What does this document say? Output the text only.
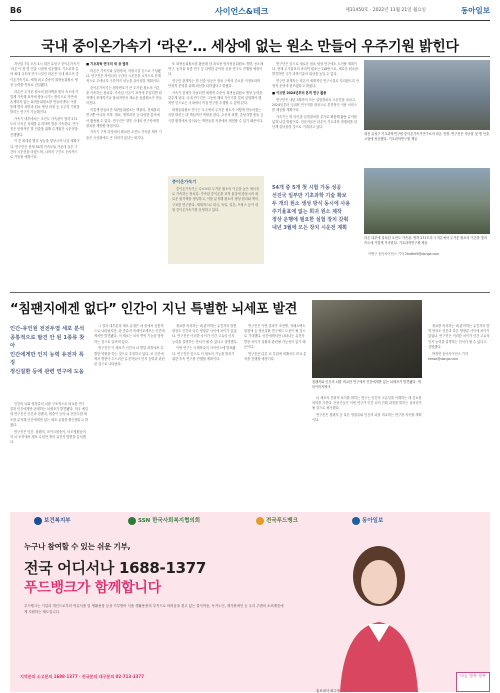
B6	사이언스&테크	제31450호 · 2022년 11월 21일 월요일	동아일보
국내 중이온가속기 ‘라온’… 세상에 없는 원소 만들어 우주기원 밝힌다

지난달 7일 오후 4시 대전 유성구 중이온가속기 ‘라온’이 첫 빔 인출 시험에 성공했다. 기초과학 분야 최대 규모의 연구시설인 라온은 국내 최초의 중이온가속기로, 세계 최고 수준의 희귀동위원소 생성 능력을 목표로 건설됐다.

라온은 무거운 원소의 원자핵을 빛의 속도에 가깝게 가속해 표적에 충돌시키는 방식으로 자연에 존재하지 않는 희귀동위원소를 만들어낸다. 이를 통해 별의 폭발과 원소 생성 과정 등 우주의 기원을 밝히는 연구가 가능해진다.

가속기 내부에서는 초전도 가속관이 영하 271도의 극저온 상태를 유지하며 빔을 가속한다. 연구진은 안정적인 빔 인출을 위해 수개월간 시운전을 진행했다.

이 중 최대한 빨리 성능을 향상시켜 나갈 계획이다. 연구단은 현재 54개 가속모듈 가운데 일부 구간의 시운전을 마쳤으며, 나머지 구간도 순차적으로 가동할 예정이다.

■ 기초과학 연구의 새 장 열려

라온은 가속기와 실험장치, 지원시설 등으로 구성됐다. 연구진은 저에너지 구간의 시운전을 시작으로 단계적으로 고에너지 구간까지 성능을 끌어올릴 계획이다.

중이온가속기는 원자번호가 큰 무거운 원소의 이온을 가속하는 장치다. 가속된 이온이 표적에 부딪히면 원자핵이 쪼개지거나 합쳐지면서 새로운 동위원소가 만들어진다.

이렇게 만들어진 희귀동위원소는 핵물리, 천체물리 연구뿐 아니라 의학, 재료, 생명과학 등 다양한 분야에서 활용될 수 있다. 연구진은 향후 국내외 연구자에게 장치를 개방할 방침이다.

가속기 구축 과정에서 확보한 초전도 가속관 제작 기술은 국산화에도 큰 의미가 있다는 평가다.

또 희귀동위원소를 활용해 암 치료용 방사성동위원소 개발, 신소재 연구, 농작물 육종 연구 등 다양한 분야의 응용 연구도 진행할 예정이다.

연구단 관계자는 빔 인출 성공은 장치 구축의 중요한 이정표라며 안정적 운영을 위해 최선을 다하겠다고 밝혔다.

가속기 전체가 가동되면 세계적 수준의 희귀동위원소 생성 능력을 갖추게 된다. 국내 연구진은 그동안 해외 가속기를 빌려 실험해야 했지만 앞으로는 국내에서 직접 연구를 수행할 수 있게 된다.

희귀동위원소 연구는 우주에서 무거운 원소가 어떻게 만들어졌는지를 밝히는 데 핵심적인 역할을 한다. 초신성 폭발, 중성자별 충돌 등 극한 환경에서 일어나는 핵반응을 지상에서 재현할 수 있기 때문이다.

중이온가속기

중이온가속기는 수소보다 무거운 원소의 이온을 높은 에너지로 가속하는 장치다. 가속된 중이온을 표적 물질에 충돌시켜 새로운 원자핵을 생성하고, 이를 분석해 원소의 생성 원리와 핵의 구조를 연구한다. 세계적으로 미국, 독일, 일본, 프랑스 등이 대형 중이온가속기를 운영하고 있다.

연구단은 앞으로 새로운 원소 합성 연구에도 도전할 계획이다. 현재 주기율표의 마지막 원소는 118번으로, 새로운 원소를 발견하면 국가 과학기술의 위상을 높일 수 있다.

연구단 관계자는 라온이 세계적인 연구시설로 자리잡도록 안정적 운영에 힘쓰겠다고 밝혔다.

■ 이르면 2024년부터 본격 연구 활용

연구단은 내년 3월까지 모든 실험장치의 시운전을 마치고, 2024년부터 국내외 연구자를 대상으로 본격적인 이용 서비스를 제공할 계획이다.

가속기는 빔 라인과 실험장치를 추가로 확충해 활용 분야를 넓혀 나갈 방침이다. 전문가들은 라온이 기초과학 경쟁력을 한 단계 끌어올릴 것으로 기대하고 있다.

54개 중 5개 첫 시험 가동 성공
선진국 일부만 기초과학 기술 확보
두 개의 원소 생성 방식 동시에 사용
주기율표에 없는 희귀 원소 제작
정상 운행에 필요한 실험 장치 갖춰
내년 3월에 모든 장치 시운전 계획
대전 유성구 기초과학연구원 중이온가속기연구소의 라온 전경. 연구진은 지난달 첫 빔 인출 시험에 성공했다. 기초과학연구원 제공
라온 내부에 설치된 초전도 가속관. 영하 271도의 극저온에서 무거운 원소의 이온을 빛의 속도에 가깝게 가속한다. 기초과학연구원 제공

이병구 동아사이언스 기자 2bottle9@donga.com

“침팬지에겐 없다” 인간이 지닌 특별한 뇌세포 발견
인간-유인원 전전두엽 세포 분석
공통적으로 발견 안 된 1종류 찾아
인간에게만 인지 능력 유전자 특징
정신질환 등에 관련 연구에 도움

인간의 뇌와 영장류의 뇌를 구조적으로 비교한 연구 결과 인간에게만 존재하는 뇌세포가 발견됐다. 미국 예일대 연구진은 인간과 침팬지, 원숭이 등의 뇌 전전두엽 세포를 분석해 인간에게만 있는 세포 유형을 확인했다고 밝혔다.

연구진은 인간, 침팬지, 마카크원숭이, 마모셋원숭이의 뇌 조직에서 세포 수십만 개의 유전자 발현을 분석했다.

그 결과 대부분의 세포 유형은 네 종에서 공통적으로 나타났지만, 한 종류의 미세아교세포는 인간에게서만 발견됐다. 이 세포는 뇌의 면역 기능을 담당하는 것으로 알려져 있다.

연구진은 이 세포가 인간의 뇌 발달 과정에서 특별한 역할을 하는 것으로 추정하고 있다. 또 인간에게서 발현이 두드러진 유전자들이 인지 능력과 관련된 것으로 나타났다.

정보를 처리하는 데 관여하는 유전자의 발현 양상도 인간과 다른 영장류 사이에 차이가 있었다. 연구진은 이러한 차이가 인간 고유의 인지 능력을 설명하는 단서가 될 수 있다고 설명했다.

이번 연구는 국제학술지 사이언스에 발표됐다. 연구진은 앞으로 이 세포의 기능을 밝히기 위한 후속 연구를 진행할 계획이다.

연구진은 이번 결과가 조현병, 자폐스펙트럼장애 등 정신질환 연구에도 도움이 될 것으로 기대했다. 인간에게서만 나타나는 유전자 발현 차이가 질환과 관련될 가능성이 있기 때문이다.

연구진은 다른 뇌 부위에 대해서도 비교 분석을 진행할 예정이다.

침팬지와 인간의 뇌를 비교한 연구에서 인간에게만 있는 뇌세포가 발견됐다. 게티이미지뱅크

뇌 세포의 진화적 차이를 밝히는 연구는 인간의 고유성을 이해하는 데 중요한 의미를 가진다. 전문가들은 이번 연구가 인간 뇌의 진화 과정을 밝히는 실마리가 될 것으로 평가했다.

연구진은 침팬지 등 다른 영장류와 인간의 뇌를 비교하는 연구를 지속할 계획이다.

정보를 처리하는 데 관여하는 유전자의 발현 양상도 인간과 다른 영장류 사이에 차이가 있었다. 연구진은 이러한 차이가 인간 고유의 인지 능력을 설명하는 단서가 될 수 있다고 설명했다.

박정연 동아사이언스 기자 hesse@donga.com

보건복지부	SSN 한국사회복지협의회	전국푸드뱅크	동아일보
누구나 참여할 수 있는 쉬운 기부,
전국 어디서나 1688-1377
푸드뱅크가 함께합니다
푸드뱅크는 기업과 개인으로부터 여유식품 및 생활용품 등을 기부받아 식품 생활용품의 부족으로 어려움을 겪고 있는 결식아동, 독거노인, 재가장애인 등 우리 주변의 소외계층에게 지원하는 제도입니다.
지역문의 소고문의 1688-1377 · 전국문의 대구문의 02-713-1377
홍보대사 최수영
나눔 행복 행복
